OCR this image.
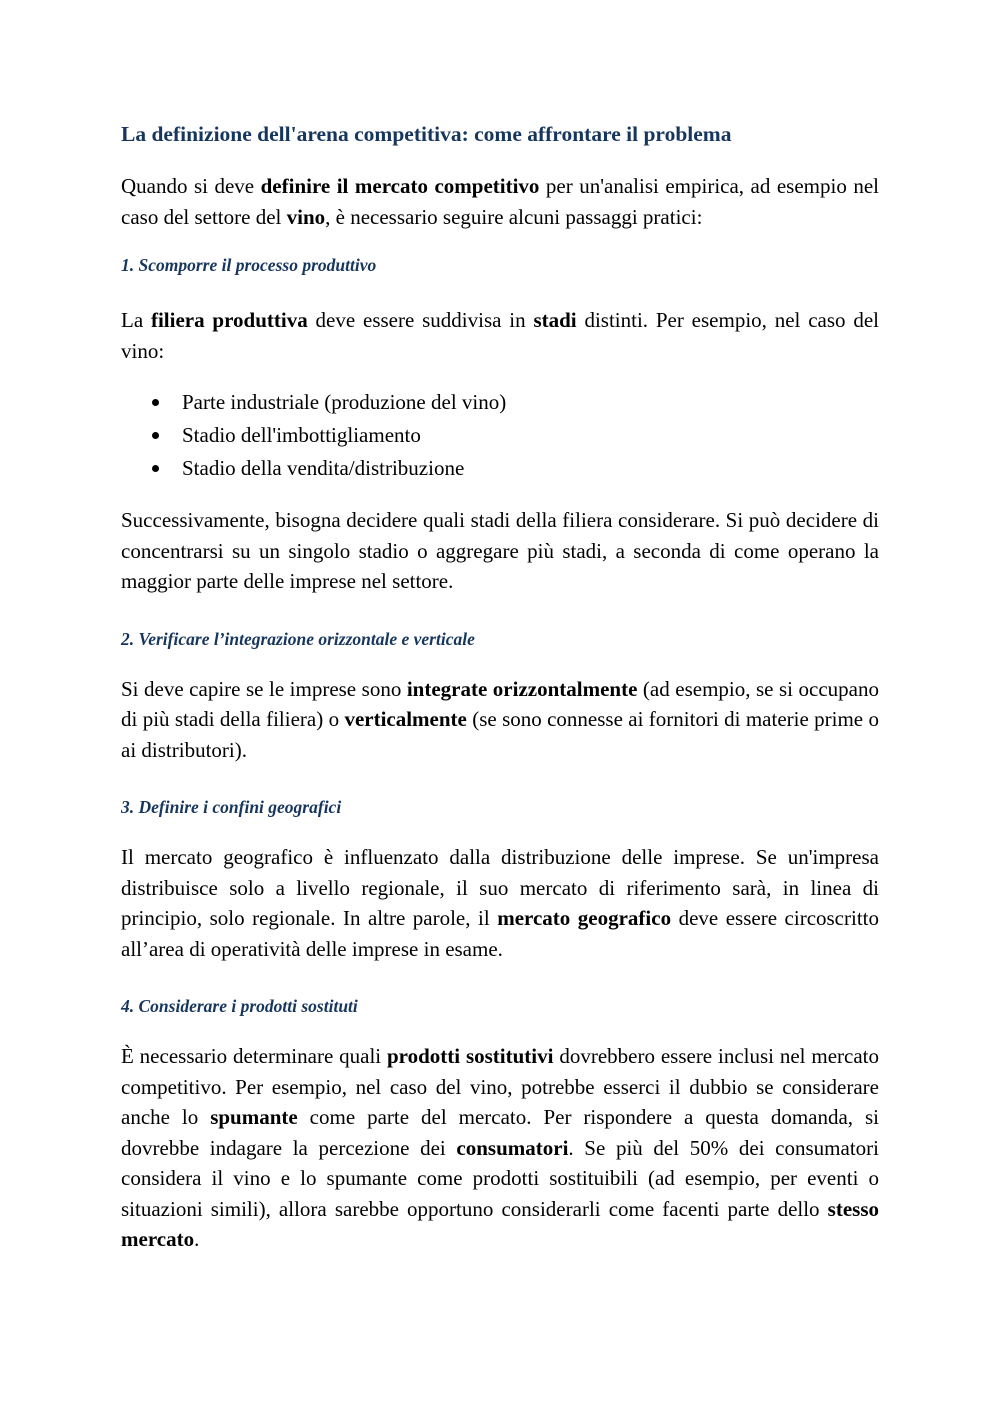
La definizione dell'arena competitiva: come affrontare il problema

Quando si deve definire il mercato competitivo per un'analisi empirica, ad esempio nel caso del settore del vino, è necessario seguire alcuni passaggi pratici:

1. Scomporre il processo produttivo

La filiera produttiva deve essere suddivisa in stadi distinti. Per esempio, nel caso del vino:

Parte industriale (produzione del vino)
Stadio dell'imbottigliamento
Stadio della vendita/distribuzione

Successivamente, bisogna decidere quali stadi della filiera considerare. Si può decidere di concentrarsi su un singolo stadio o aggregare più stadi, a seconda di come operano la maggior parte delle imprese nel settore.

2. Verificare l’integrazione orizzontale e verticale

Si deve capire se le imprese sono integrate orizzontalmente (ad esempio, se si occupano di più stadi della filiera) o verticalmente (se sono connesse ai fornitori di materie prime o ai distributori).

3. Definire i confini geografici

Il mercato geografico è influenzato dalla distribuzione delle imprese. Se un'impresa distribuisce solo a livello regionale, il suo mercato di riferimento sarà, in linea di principio, solo regionale. In altre parole, il mercato geografico deve essere circoscritto all’area di operatività delle imprese in esame.

4. Considerare i prodotti sostituti

È necessario determinare quali prodotti sostitutivi dovrebbero essere inclusi nel mercato competitivo. Per esempio, nel caso del vino, potrebbe esserci il dubbio se considerare anche lo spumante come parte del mercato. Per rispondere a questa domanda, si dovrebbe indagare la percezione dei consumatori. Se più del 50% dei consumatori considera il vino e lo spumante come prodotti sostituibili (ad esempio, per eventi o situazioni simili), allora sarebbe opportuno considerarli come facenti parte dello stesso mercato.
